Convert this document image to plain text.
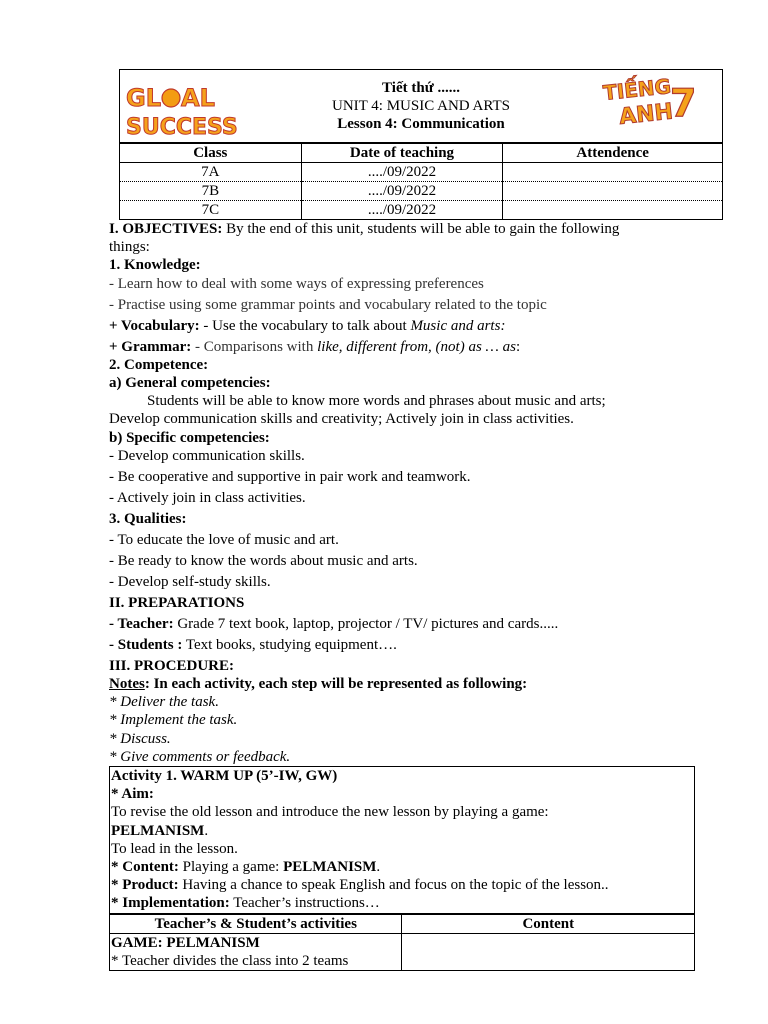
GL AL
SUCCESS
Tiết thứ ......
UNIT 4: MUSIC AND ARTS
Lesson 4: Communication
TIẾNG
ANH
7
Class	Date of teaching	Attendence
7A	..../09/2022	
7B	..../09/2022	
7C	..../09/2022	

I. OBJECTIVES: By the end of this unit, students will be able to gain the following

things:

1. Knowledge:

- Learn how to deal with some ways of expressing preferences

- Practise using some grammar points and vocabulary related to the topic

+ Vocabulary: - Use the vocabulary to talk about Music and arts:

+ Grammar: - Comparisons with like, different from, (not) as … as:

2. Competence:

a) General competencies:

Students will be able to know more words and phrases about music and arts;

Develop communication skills and creativity; Actively join in class activities.

b) Specific competencies:

- Develop communication skills.

- Be cooperative and supportive in pair work and teamwork.

- Actively join in class activities.

3. Qualities:

- To educate the love of music and art.

- Be ready to know the words about music and arts.

- Develop self-study skills.

II. PREPARATIONS

- Teacher: Grade 7 text book, laptop, projector / TV/ pictures and cards.....

- Students : Text books, studying equipment….

III. PROCEDURE:

Notes: In each activity, each step will be represented as following:

* Deliver the task.

* Implement the task.

* Discuss.

* Give comments or feedback.

Activity 1. WARM UP (5’-IW, GW)

* Aim:

To revise the old lesson and introduce the new lesson by playing a game:

PELMANISM.

To lead in the lesson.

* Content: Playing a game: PELMANISM.

* Product: Having a chance to speak English and focus on the topic of the lesson..

* Implementation: Teacher’s instructions…

Teacher’s & Student’s activities	Content

GAME: PELMANISM
* Teacher divides the class into 2 teams	
